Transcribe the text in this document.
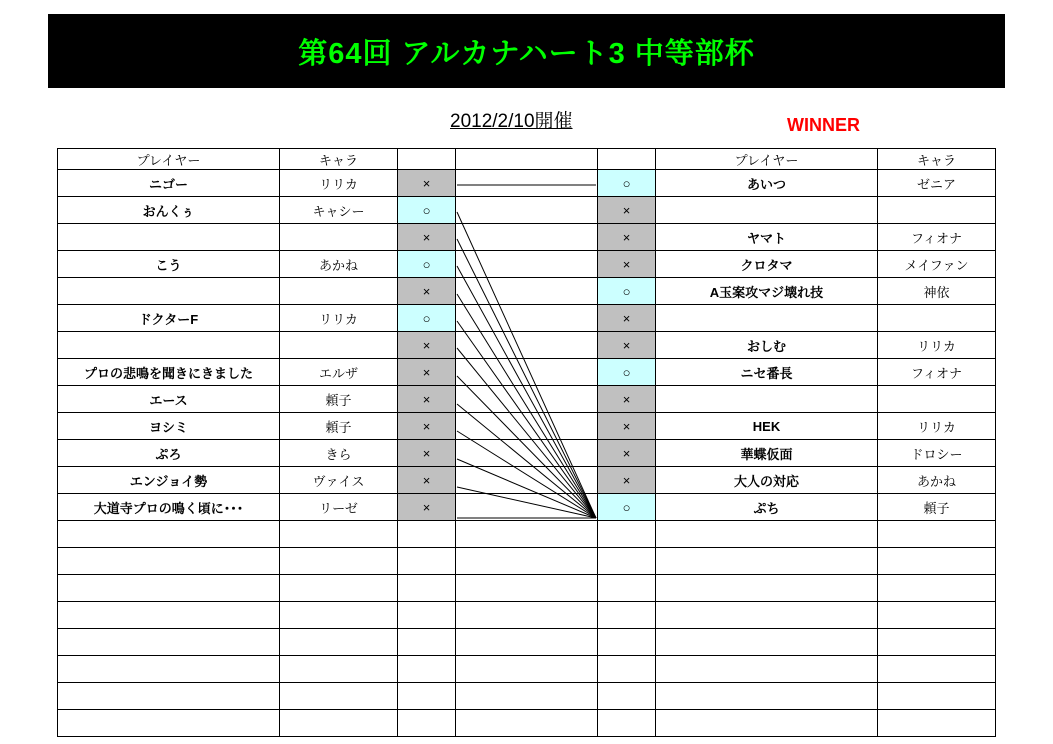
第64回 アルカナハート3 中等部杯
2012/2/10開催	WINNER
プレイヤー	キャラ				プレイヤー	キャラ
ニゴー	リリカ	×		○	あいつ	ゼニア
おんくぅ	キャシー	○		×		
		×		×	ヤマト	フィオナ
こう	あかね	○		×	クロタマ	メイファン
		×		○	A玉案攻マジ壊れ技	神依
ドクターF	リリカ	○		×		
		×		×	おしむ	リリカ
プロの悲鳴を聞きにきました	エルザ	×		○	ニセ番長	フィオナ
エース	頼子	×		×		
ヨシミ	頼子	×		×	HEK	リリカ
ぷろ	きら	×		×	華蝶仮面	ドロシー
エンジョイ勢	ヴァイス	×		×	大人の対応	あかね
大道寺プロの鳴く頃に･･･	リーゼ	×		○	ぷち	頼子
